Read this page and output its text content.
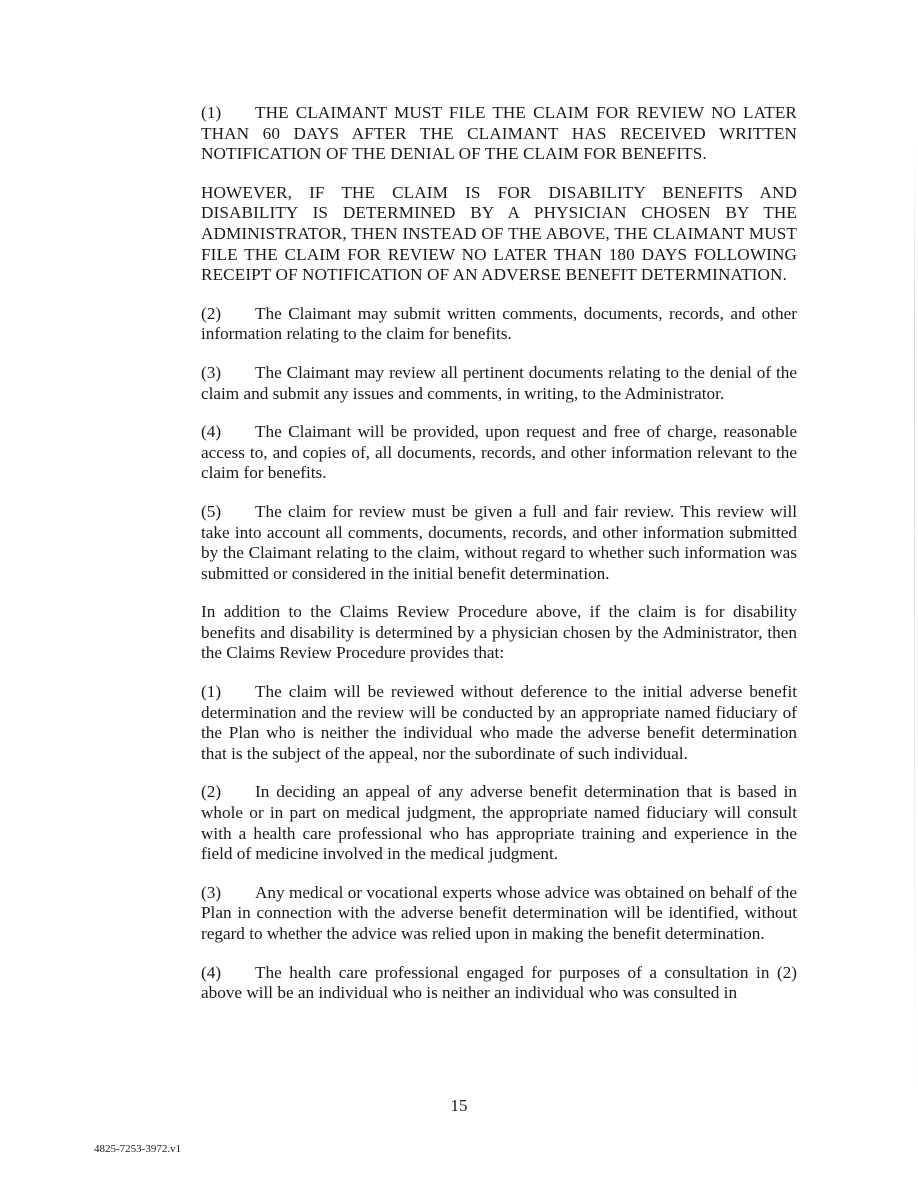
(1) THE CLAIMANT MUST FILE THE CLAIM FOR REVIEW NO LATER THAN 60 DAYS AFTER THE CLAIMANT HAS RECEIVED WRITTEN NOTIFICATION OF THE DENIAL OF THE CLAIM FOR BENEFITS.

HOWEVER, IF THE CLAIM IS FOR DISABILITY BENEFITS AND DISABILITY IS DETERMINED BY A PHYSICIAN CHOSEN BY THE ADMINISTRATOR, THEN INSTEAD OF THE ABOVE, THE CLAIMANT MUST FILE THE CLAIM FOR REVIEW NO LATER THAN 180 DAYS FOLLOWING RECEIPT OF NOTIFICATION OF AN ADVERSE BENEFIT DETERMINATION.

(2) The Claimant may submit written comments, documents, records, and other information relating to the claim for benefits.

(3) The Claimant may review all pertinent documents relating to the denial of the claim and submit any issues and comments, in writing, to the Administrator.

(4) The Claimant will be provided, upon request and free of charge, reasonable access to, and copies of, all documents, records, and other information relevant to the claim for benefits.

(5) The claim for review must be given a full and fair review. This review will take into account all comments, documents, records, and other information submitted by the Claimant relating to the claim, without regard to whether such information was submitted or considered in the initial benefit determination.

In addition to the Claims Review Procedure above, if the claim is for disability benefits and disability is determined by a physician chosen by the Administrator, then the Claims Review Procedure provides that:

(1) The claim will be reviewed without deference to the initial adverse benefit determination and the review will be conducted by an appropriate named fiduciary of the Plan who is neither the individual who made the adverse benefit determination that is the subject of the appeal, nor the subordinate of such individual.

(2) In deciding an appeal of any adverse benefit determination that is based in whole or in part on medical judgment, the appropriate named fiduciary will consult with a health care professional who has appropriate training and experience in the field of medicine involved in the medical judgment.

(3) Any medical or vocational experts whose advice was obtained on behalf of the Plan in connection with the adverse benefit determination will be identified, without regard to whether the advice was relied upon in making the benefit determination.

(4) The health care professional engaged for purposes of a consultation in (2) above will be an individual who is neither an individual who was consulted in

15
4825-7253-3972.v1
